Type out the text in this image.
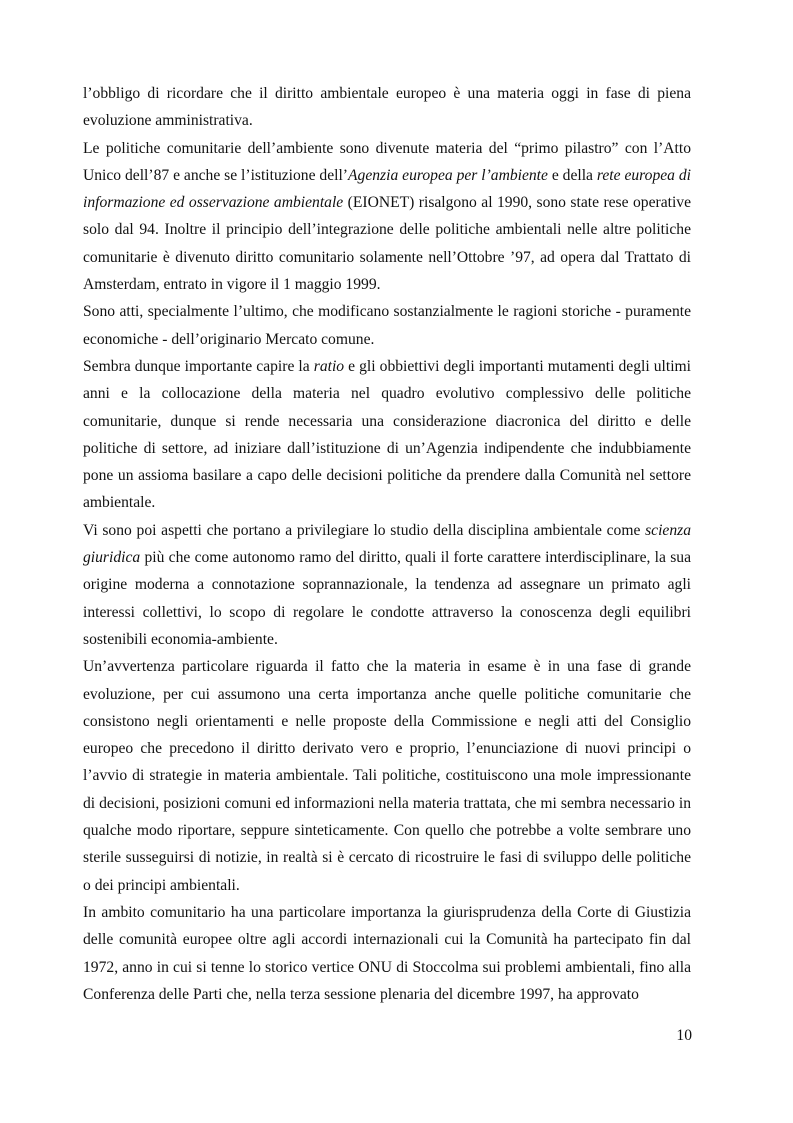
l’obbligo di ricordare che il diritto ambientale europeo è una materia oggi in fase di piena evoluzione amministrativa.

Le politiche comunitarie dell’ambiente sono divenute materia del “primo pilastro” con l’Atto Unico dell’87 e anche se l’istituzione dell’Agenzia europea per l’ambiente e della rete europea di informazione ed osservazione ambientale (EIONET) risalgono al 1990, sono state rese operative solo dal 94. Inoltre il principio dell’integrazione delle politiche ambientali nelle altre politiche comunitarie è divenuto diritto comunitario solamente nell’Ottobre ’97, ad opera dal Trattato di Amsterdam, entrato in vigore il 1 maggio 1999.

Sono atti, specialmente l’ultimo, che modificano sostanzialmente le ragioni storiche - puramente economiche - dell’originario Mercato comune.

Sembra dunque importante capire la ratio e gli obbiettivi degli importanti mutamenti degli ultimi anni e la collocazione della materia nel quadro evolutivo complessivo delle politiche comunitarie, dunque si rende necessaria una considerazione diacronica del diritto e delle politiche di settore, ad iniziare dall’istituzione di un’Agenzia indipendente che indubbiamente pone un assioma basilare a capo delle decisioni politiche da prendere dalla Comunità nel settore ambientale.

Vi sono poi aspetti che portano a privilegiare lo studio della disciplina ambientale come scienza giuridica più che come autonomo ramo del diritto, quali il forte carattere interdisciplinare, la sua origine moderna a connotazione soprannazionale, la tendenza ad assegnare un primato agli interessi collettivi, lo scopo di regolare le condotte attraverso la conoscenza degli equilibri sostenibili economia-ambiente.

Un’avvertenza particolare riguarda il fatto che la materia in esame è in una fase di grande evoluzione, per cui assumono una certa importanza anche quelle politiche comunitarie che consistono negli orientamenti e nelle proposte della Commissione e negli atti del Consiglio europeo che precedono il diritto derivato vero e proprio, l’enunciazione di nuovi principi o l’avvio di strategie in materia ambientale. Tali politiche, costituiscono una mole impressionante di decisioni, posizioni comuni ed informazioni nella materia trattata, che mi sembra necessario in qualche modo riportare, seppure sinteticamente. Con quello che potrebbe a volte sembrare uno sterile susseguirsi di notizie, in realtà si è cercato di ricostruire le fasi di sviluppo delle politiche o dei principi ambientali.

In ambito comunitario ha una particolare importanza la giurisprudenza della Corte di Giustizia delle comunità europee oltre agli accordi internazionali cui la Comunità ha partecipato fin dal 1972, anno in cui si tenne lo storico vertice ONU di Stoccolma sui problemi ambientali, fino alla Conferenza delle Parti che, nella terza sessione plenaria del dicembre 1997, ha approvato

10
